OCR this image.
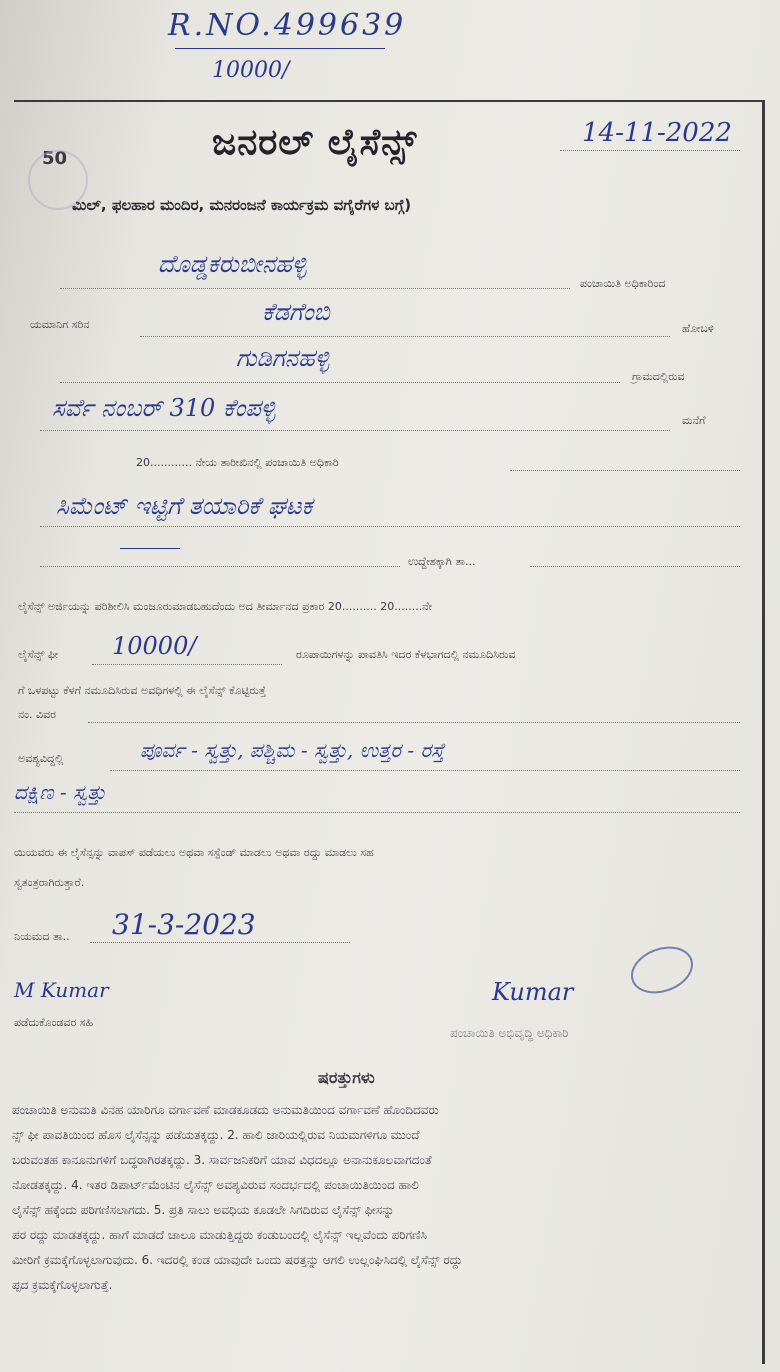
R.NO.499639
10000/
50	ಜನರಲ್ ಲೈಸೆನ್ಸ್	14-11-2022
ಮಿಲ್, ಫಲಹಾರ ಮಂದಿರ, ಮನರಂಜನೆ ಕಾರ್ಯಕ್ರಮ ವಗೈರೆಗಳ ಬಗ್ಗೆ)
ದೊಡ್ಡಕರುಬೀನಹಳ್ಳಿ
ಪಂಚಾಯಿತಿ ಅಧಿಕಾರಿಂದ
ಯಮಾನಿಗ ಸರಿನ	ಕೆಡಗೆಂಬಿ
ಹೋಬಳಿ
ಗುಡಿಗನಹಳ್ಳಿ
ಗ್ರಾಮದಲ್ಲಿರುವ
ಸರ್ವೆ ನಂಬರ್ 310 ಕೆಂಪಳ್ಳಿ	ಮನೆಗೆ
20............ ನೇಯ ತಾರೀಖಿನಲ್ಲಿ ಪಂಚಾಯಿತಿ ಅಧಿಕಾರಿ
ಸಿಮೆಂಟ್ ಇಟ್ಟಿಗೆ ತಯಾರಿಕೆ ಘಟಕ
ಉದ್ದೇಶಕ್ಕಾಗಿ ತಾ...
ಲೈಸೆನ್ಸ್ ಅರ್ಜಿಯನ್ನು ಪರಿಶೀಲಿಸಿ ಮಂಜೂರುಮಾಡಬಹುದೆಂದು ಅದ ತೀರ್ಮಾನದ ಪ್ರಕಾರ 20.......... 20........ನೇ
ಲೈಸೆನ್ಸ್ ಫೀ 10000/	ರೂಪಾಯಿಗಳನ್ನು ಪಾವತಿಸಿ ಇದರ ಕೆಳಭಾಗದಲ್ಲಿ ನಮೂದಿಸಿರುವ
ಗೆ ಒಳಪಟ್ಟು ಕೆಳಗೆ ನಮೂದಿಸಿರುವ ಅವಧಿಗಳಲ್ಲಿ ಈ ಲೈಸೆನ್ಸ್ ಕೊಟ್ಟಿರುತ್ತೆ
ನಂ. ವಿವರ
ಅವಶ್ಯವಿದ್ದಲ್ಲಿ	ಪೂರ್ವ - ಸ್ವತ್ತು, ಪಶ್ಚಿಮ - ಸ್ವತ್ತು, ಉತ್ತರ - ರಸ್ತೆ
ದಕ್ಷಿಣ - ಸ್ವತ್ತು
ಯಿಯವರು ಈ ಲೈಸೆನ್ಸನ್ನು ವಾಪಸ್ ಪಡೆಯಲು ಅಥವಾ ಸಸ್ಪೆಂಡ್ ಮಾಡಲು ಅಥವಾ ರದ್ದು ಮಾಡಲು ಸಹ
ಸ್ವತಂತ್ರರಾಗಿರುತ್ತಾರೆ.
ನಿಯಮದ ತಾ.. 31-3-2023
M Kumar
ಪಡೆದುಕೊಂಡವರ ಸಹಿ
Kumar
ಪಂಚಾಯಿತಿ ಅಭಿವೃದ್ಧಿ ಅಧಿಕಾರಿ
ಷರತ್ತುಗಳು
ಪಂಚಾಯಿತಿ ಅನುಮತಿ ವಿನಹ ಯಾರಿಗೂ ವರ್ಗಾವಣೆ ಮಾಡಕೂಡದು ಅನುಮತಿಯಿಂದ ವರ್ಗಾವಣೆ ಹೊಂದಿದವರು
ನ್ಸ್ ಫೀ ಪಾವತಿಯಿಂದ ಹೊಸ ಲೈಸೆನ್ಸನ್ನು ಪಡೆಯತಕ್ಕದ್ದು. 2. ಹಾಲಿ ಜಾರಿಯಲ್ಲಿರುವ ನಿಯಮಗಳಿಗೂ ಮುಂದೆ
ಬರುವಂತಹ ಕಾನೂನುಗಳಿಗೆ ಬದ್ಧರಾಗಿರತಕ್ಕದ್ದು. 3. ಸಾರ್ವಜನಿಕರಿಗೆ ಯಾವ ವಿಧದಲ್ಲೂ ಅನಾನುಕೂಲವಾಗದಂತೆ
ನೋಡತಕ್ಕದ್ದು. 4. ಇತರ ಡಿಪಾರ್ಟ್‌ಮೆಂಟಿನ ಲೈಸೆನ್ಸ್ ಅವಶ್ಯವಿರುವ ಸಂದರ್ಭದಲ್ಲಿ ಪಂಚಾಯಿತಿಯಿಂದ ಹಾಲಿ
ಲೈಸೆನ್ಸ್ ಹಕ್ಕೆಂದು ಪರಿಗಣಿಸಲಾಗದು. 5. ಪ್ರತಿ ಸಾಲು ಅವಧಿಯ ಕೂಡಲೇ ಸಿಗದಿರುವ ಲೈಸೆನ್ಸ್ ಫೀಸನ್ನು
ಪರ ರದ್ದು ಮಾಡತಕ್ಕದ್ದು. ಹಾಗೆ ಮಾಡದೆ ಚಾಲೂ ಮಾಡುತ್ತಿದ್ದರು ಕಂಡುಬಂದಲ್ಲಿ ಲೈಸೆನ್ಸ್ ಇಲ್ಲವೆಂದು ಪರಿಗಣಿಸಿ
ಮೀರಿಗೆ ಕ್ರಮಕ್ಕೆಗೊಳ್ಳಲಾಗುವುದು. 6. ಇದರಲ್ಲಿ ಕಂಡ ಯಾವುದೇ ಒಂದು ಷರತ್ತನ್ನು ಆಗಲಿ ಉಲ್ಲಂಘಿಸಿದಲ್ಲಿ ಲೈಸೆನ್ಸ್ ರದ್ದು
ಪ್ಪದ ಕ್ರಮಕ್ಕೆಗೊಳ್ಳಲಾಗುತ್ತೆ.
